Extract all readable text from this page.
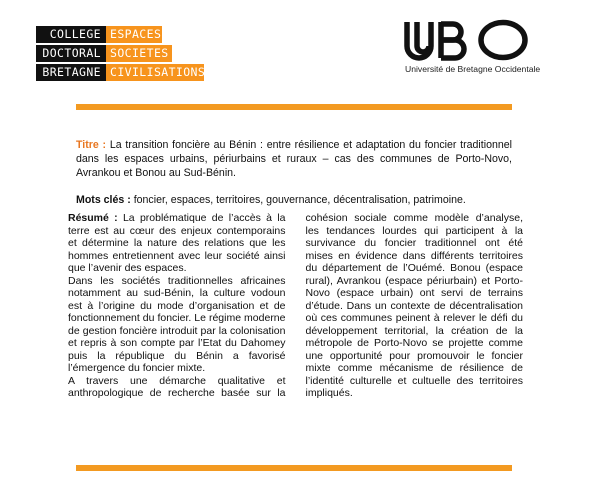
COLLEGE ESPACES
DOCTORAL SOCIETES
BRETAGNE CIVILISATIONS	Université de Bretagne Occidentale
Titre : La transition foncière au Bénin : entre résilience et adaptation du foncier traditionnel dans les espaces urbains, périurbains et ruraux – cas des communes de Porto-Novo, Avrankou et Bonou au Sud-Bénin.
Mots clés : foncier, espaces, territoires, gouvernance, décentralisation, patrimoine.

Résumé : La problématique de l’accès à la terre est au cœur des enjeux contemporains et détermine la nature des relations que les hommes entretiennent avec leur société ainsi que l’avenir des espaces.

Dans les sociétés traditionnelles africaines notamment au sud-Bénin, la culture vodoun est à l’origine du mode d’organisation et de fonctionnement du foncier. Le régime moderne de gestion foncière introduit par la colonisation et repris à son compte par l’Etat du Dahomey puis la république du Bénin a favorisé l’émergence du foncier mixte.

A travers une démarche qualitative et anthropologique de recherche basée sur la cohésion sociale comme modèle d’analyse, les tendances lourdes qui participent à la survivance du foncier traditionnel ont été mises en évidence dans différents territoires du département de l’Ouémé. Bonou (espace rural), Avrankou (espace périurbain) et Porto-Novo (espace urbain) ont servi de terrains d’étude. Dans un contexte de décentralisation où ces communes peinent à relever le défi du développement territorial, la création de la métropole de Porto-Novo se projette comme une opportunité pour promouvoir le foncier mixte comme mécanisme de résilience de l’identité culturelle et cultuelle des territoires impliqués.
